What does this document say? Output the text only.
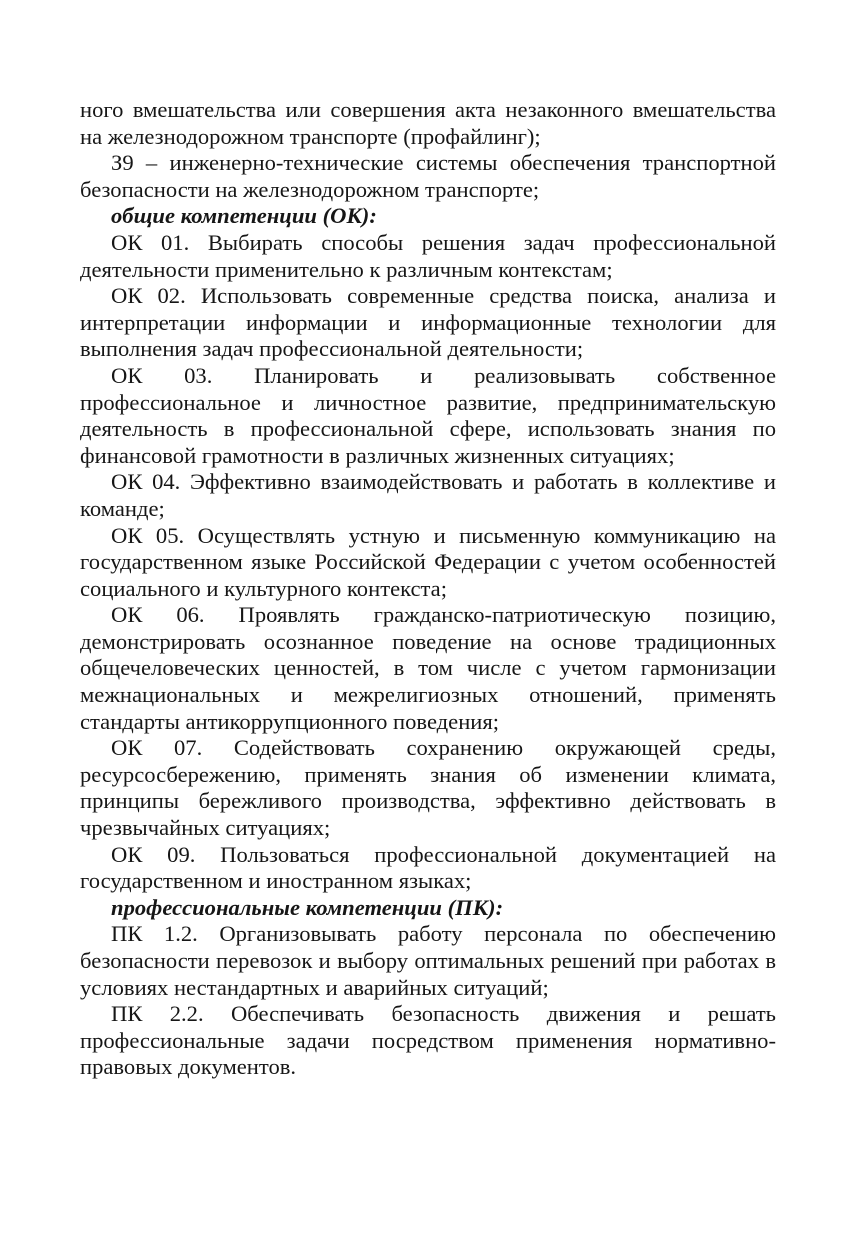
ного вмешательства или совершения акта незаконного вмешательства на железнодорожном транспорте (профайлинг);

З9 – инженерно-технические системы обеспечения транспортной безопасности на железнодорожном транспорте;

общие компетенции (ОК):

ОК 01. Выбирать способы решения задач профессиональной деятельности применительно к различным контекстам;

ОК 02. Использовать современные средства поиска, анализа и интерпретации информации и информационные технологии для выполнения задач профессиональной деятельности;

ОК 03. Планировать и реализовывать собственное профессиональное и личностное развитие, предпринимательскую деятельность в профессиональной сфере, использовать знания по финансовой грамотности в различных жизненных ситуациях;

ОК 04. Эффективно взаимодействовать и работать в коллективе и команде;

ОК 05. Осуществлять устную и письменную коммуникацию на государственном языке Российской Федерации с учетом особенностей социального и культурного контекста;

ОК 06. Проявлять гражданско-патриотическую позицию, демонстрировать осознанное поведение на основе традиционных общечеловеческих ценностей, в том числе с учетом гармонизации межнациональных и межрелигиозных отношений, применять стандарты антикоррупционного поведения;

ОК 07. Содействовать сохранению окружающей среды, ресурсосбережению, применять знания об изменении климата, принципы бережливого производства, эффективно действовать в чрезвычайных ситуациях;

ОК 09. Пользоваться профессиональной документацией на государственном и иностранном языках;

профессиональные компетенции (ПК):

ПК 1.2. Организовывать работу персонала по обеспечению безопасности перевозок и выбору оптимальных решений при работах в условиях нестандартных и аварийных ситуаций;

ПК 2.2. Обеспечивать безопасность движения и решать профессиональные задачи посредством применения нормативно-правовых документов.
